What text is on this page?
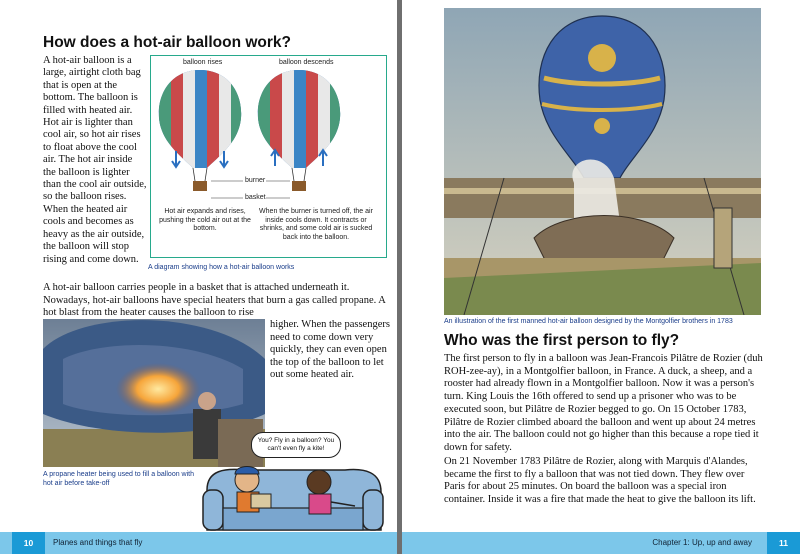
How does a hot-air balloon work?
A hot-air balloon is a large, airtight cloth bag that is open at the bottom. The balloon is filled with heated air. Hot air is lighter than cool air, so hot air rises to float above the cool air. The hot air inside the balloon is lighter than the cool air outside, so the balloon rises. When the heated air cools and becomes as heavy as the air outside, the balloon will stop rising and come down.
balloon rises	balloon descends
burner
basket
Hot air expands and rises, pushing the cold air out at the bottom.
When the burner is turned off, the air inside cools down. It contracts or shrinks, and some cold air is sucked back into the balloon.
A diagram showing how a hot-air balloon works
A hot-air balloon carries people in a basket that is attached underneath it. Nowadays, hot-air balloons have special heaters that burn a gas called propane. A hot blast from the heater causes the balloon to rise
higher. When the passengers need to come down very quickly, they can even open the top of the balloon to let out some heated air.
A propane heater being used to fill a balloon with hot air before take-off
You? Fly in a balloon? You can't even fly a kite!
10	Planes and things that fly
An illustration of the first manned hot-air balloon designed by the Montgolfier brothers in 1783
Who was the first person to fly?
The first person to fly in a balloon was Jean-Francois Pilâtre de Rozier (duh ROH-zee-ay), in a Montgolfier balloon, in France. A duck, a sheep, and a rooster had already flown in a Montgolfier balloon. Now it was a person's turn. King Louis the 16th offered to send up a prisoner who was to be executed soon, but Pilâtre de Rozier begged to go. On 15 October 1783, Pilâtre de Rozier climbed aboard the balloon and went up about 24 metres into the air. The balloon could not go higher than this because a rope tied it down for safety.
On 21 November 1783 Pilâtre de Rozier, along with Marquis d'Alandes, became the first to fly a balloon that was not tied down. They flew over Paris for about 25 minutes. On board the balloon was a special iron container. Inside it was a fire that made the heat to give the balloon its lift.
Chapter 1: Up, up and away	11
